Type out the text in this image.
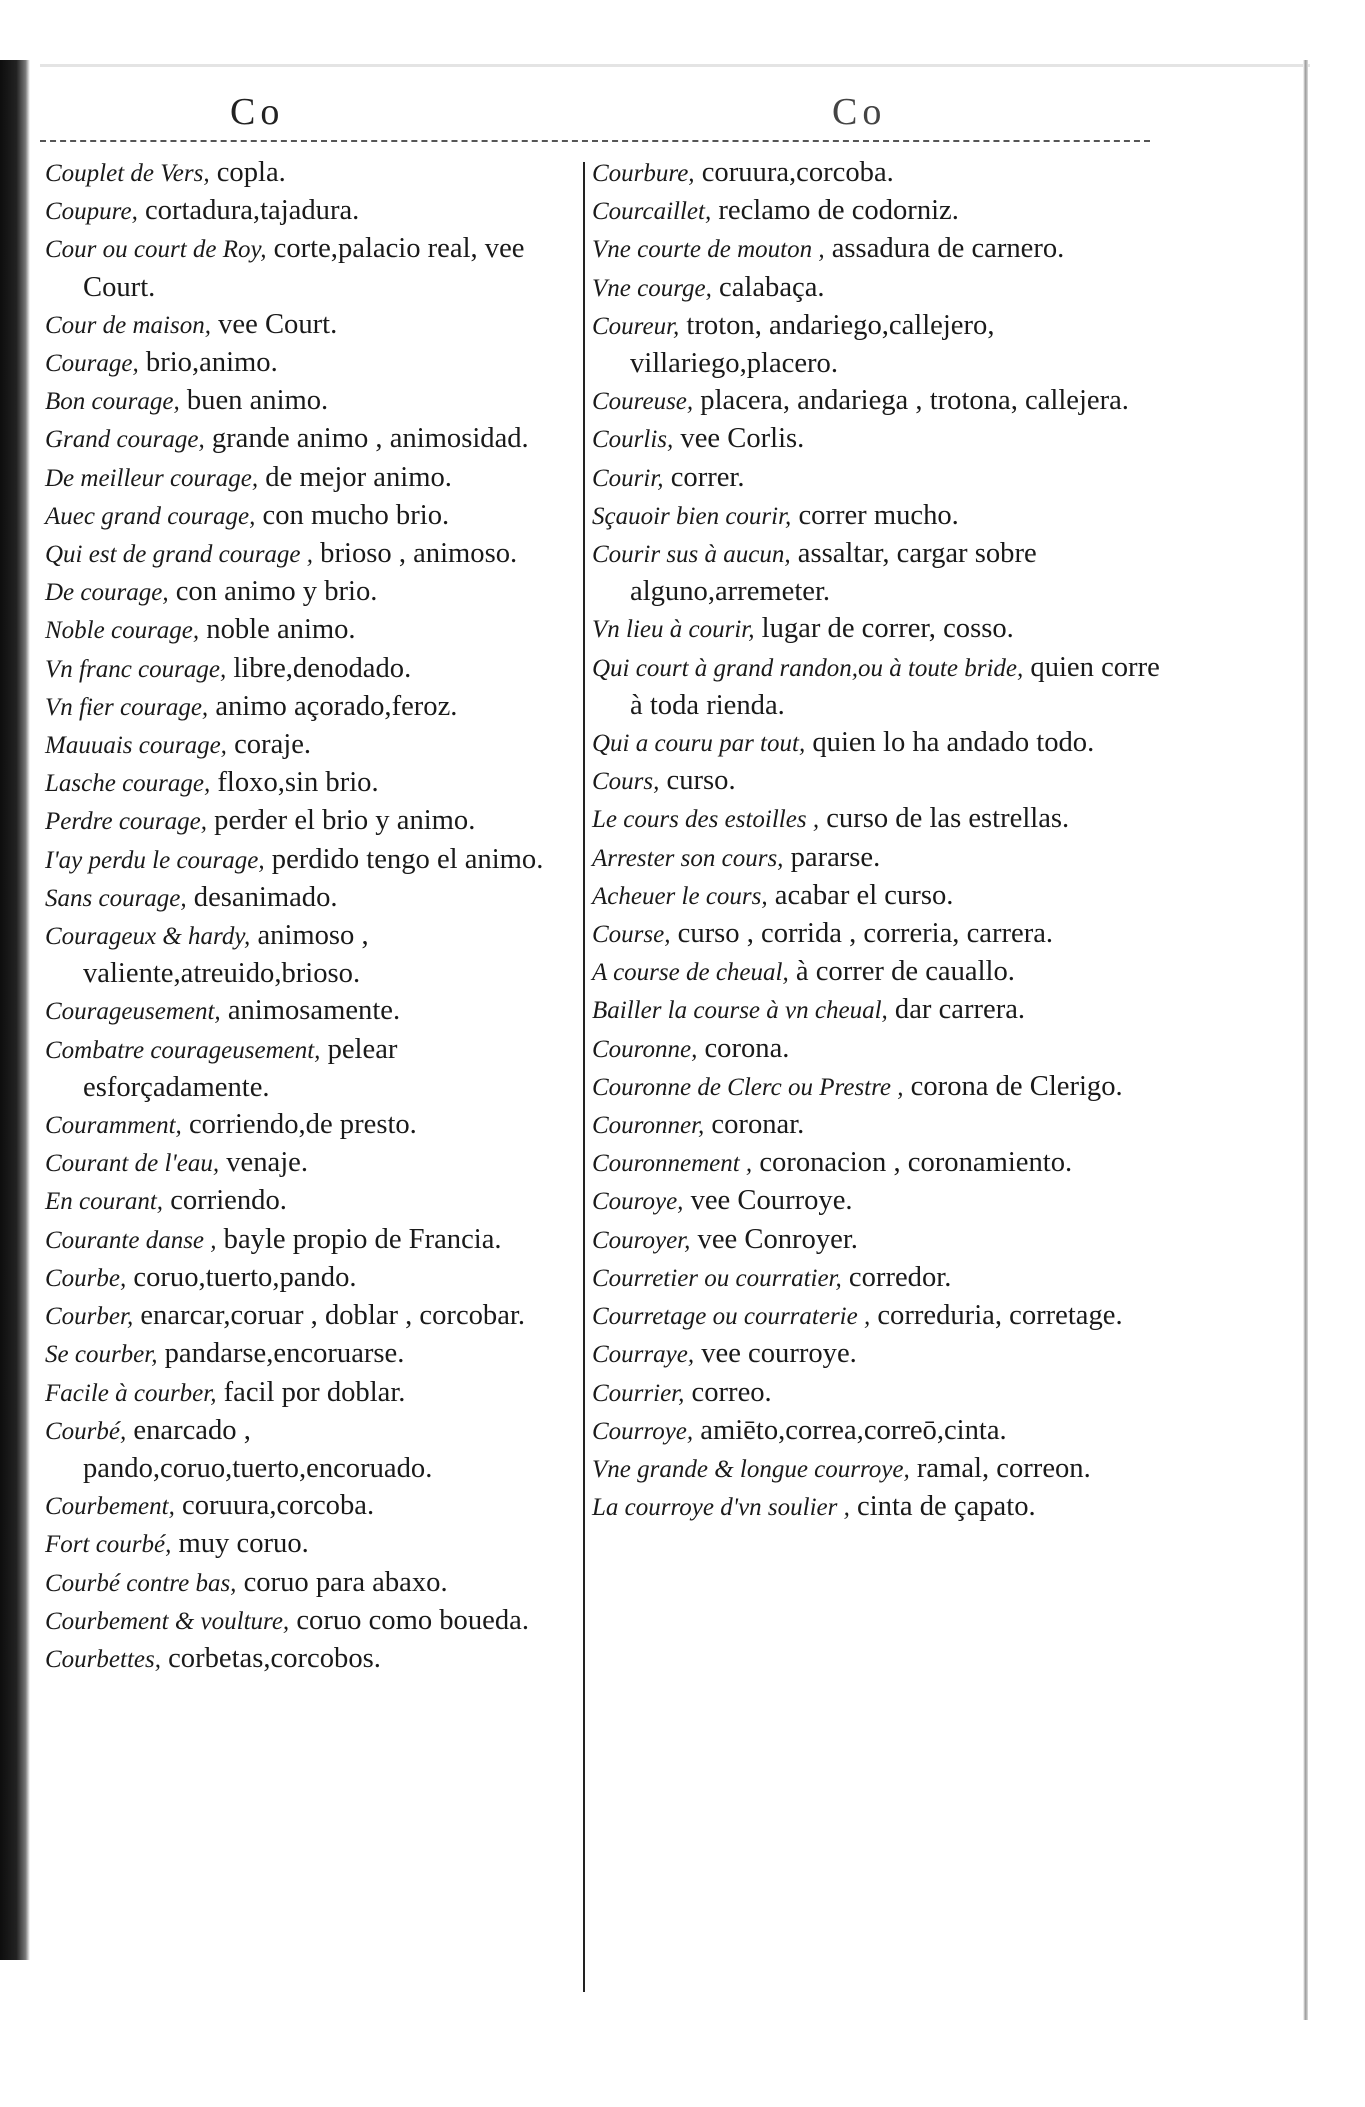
Co	Co
Couplet de Vers, copla.
Coupure, cortadura,tajadura.
Cour ou court de Roy, corte,palacio real, vee Court.
Cour de maison, vee Court.
Courage, brio,animo.
Bon courage, buen animo.
Grand courage, grande animo , animosidad.
De meilleur courage, de mejor animo.
Auec grand courage, con mucho brio.
Qui est de grand courage , brioso , animoso.
De courage, con animo y brio.
Noble courage, noble animo.
Vn franc courage, libre,denodado.
Vn fier courage, animo açorado,feroz.
Mauuais courage, coraje.
Lasche courage, floxo,sin brio.
Perdre courage, perder el brio y animo.
I'ay perdu le courage, perdido tengo el animo.
Sans courage, desanimado.
Courageux & hardy, animoso , valiente,atreuido,brioso.
Courageusement, animosamente.
Combatre courageusement, pelear esforçadamente.
Couramment, corriendo,de presto.
Courant de l'eau, venaje.
En courant, corriendo.
Courante danse , bayle propio de Francia.
Courbe, coruo,tuerto,pando.
Courber, enarcar,coruar , doblar , corcobar.
Se courber, pandarse,encoruarse.
Facile à courber, facil por doblar.
Courbé, enarcado , pando,coruo,tuerto,encoruado.
Courbement, coruura,corcoba.
Fort courbé, muy coruo.
Courbé contre bas, coruo para abaxo.
Courbement & voulture, coruo como boueda.
Courbettes, corbetas,corcobos.
Courbure, coruura,corcoba.
Courcaillet, reclamo de codorniz.
Vne courte de mouton , assadura de carnero.
Vne courge, calabaça.
Coureur, troton, andariego,callejero, villariego,placero.
Coureuse, placera, andariega , trotona, callejera.
Courlis, vee Corlis.
Courir, correr.
Sçauoir bien courir, correr mucho.
Courir sus à aucun, assaltar, cargar sobre alguno,arremeter.
Vn lieu à courir, lugar de correr, cosso.
Qui court à grand randon,ou à toute bride, quien corre à toda rienda.
Qui a couru par tout, quien lo ha andado todo.
Cours, curso.
Le cours des estoilles , curso de las estrellas.
Arrester son cours, pararse.
Acheuer le cours, acabar el curso.
Course, curso , corrida , correria, carrera.
A course de cheual, à correr de cauallo.
Bailler la course à vn cheual, dar carrera.
Couronne, corona.
Couronne de Clerc ou Prestre , corona de Clerigo.
Couronner, coronar.
Couronnement , coronacion , coronamiento.
Couroye, vee Courroye.
Couroyer, vee Conroyer.
Courretier ou courratier, corredor.
Courretage ou courraterie , correduria, corretage.
Courraye, vee courroye.
Courrier, correo.
Courroye, amiēto,correa,correō,cinta.
Vne grande & longue courroye, ramal, correon.
La courroye d'vn soulier , cinta de çapato.
